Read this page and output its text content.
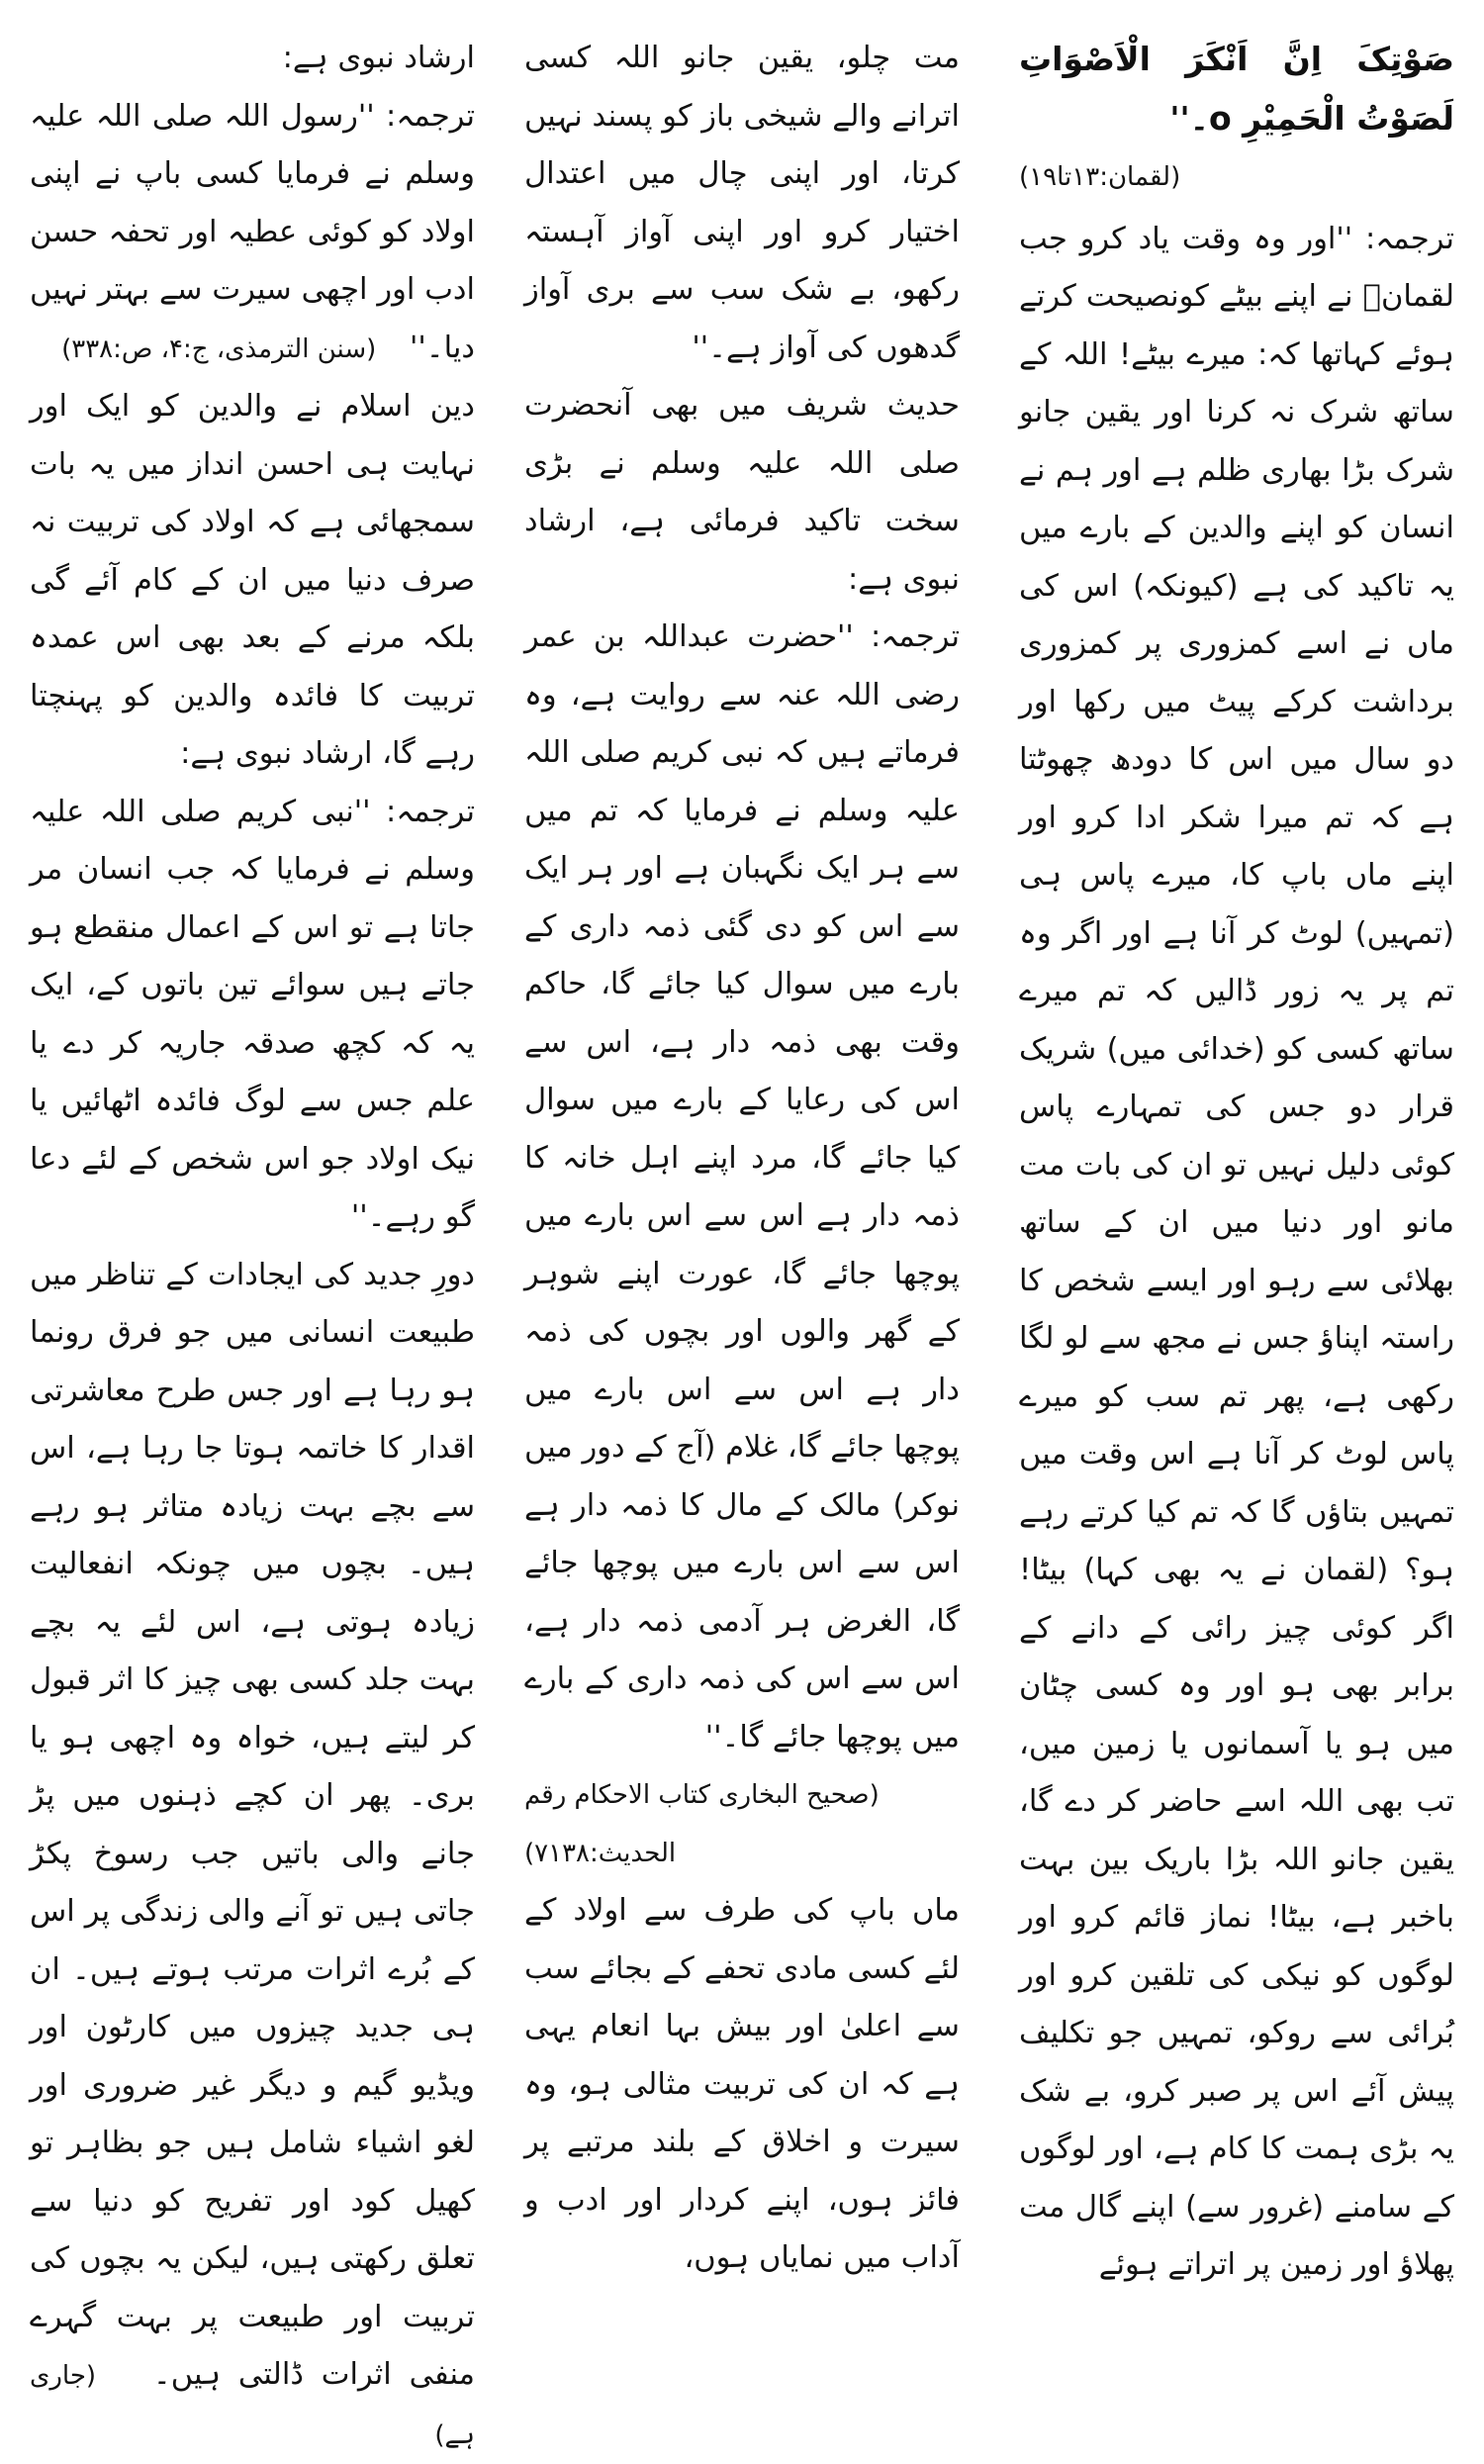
صَوْتِکَ اِنَّ اَنْکَرَ الْاَصْوَاتِ لَصَوْتُ الْحَمِيْرِ o۔''

(لقمان:۱۳تا۱۹)

ترجمہ: ''اور وہ وقت یاد کرو جب لقمانؑ نے اپنے بیٹے کونصیحت کرتے ہوئے کہاتھا کہ: میرے بیٹے! اللہ کے ساتھ شرک نہ کرنا اور یقین جانو شرک بڑا بھاری ظلم ہے اور ہم نے انسان کو اپنے والدین کے بارے میں یہ تاکید کی ہے (کیونکہ) اس کی ماں نے اسے کمزوری پر کمزوری برداشت کرکے پیٹ میں رکھا اور دو سال میں اس کا دودھ چھوٹتا ہے کہ تم میرا شکر ادا کرو اور اپنے ماں باپ کا، میرے پاس ہی (تمہیں) لوٹ کر آنا ہے اور اگر وہ تم پر یہ زور ڈالیں کہ تم میرے ساتھ کسی کو (خدائی میں) شریک قرار دو جس کی تمہارے پاس کوئی دلیل نہیں تو ان کی بات مت مانو اور دنیا میں ان کے ساتھ بھلائی سے رہو اور ایسے شخص کا راستہ اپناؤ جس نے مجھ سے لو لگا رکھی ہے، پھر تم سب کو میرے پاس لوٹ کر آنا ہے اس وقت میں تمہیں بتاؤں گا کہ تم کیا کرتے رہے ہو؟ (لقمان نے یہ بھی کہا) بیٹا! اگر کوئی چیز رائی کے دانے کے برابر بھی ہو اور وہ کسی چٹان میں ہو یا آسمانوں یا زمین میں، تب بھی اللہ اسے حاضر کر دے گا، یقین جانو اللہ بڑا باریک بین بہت باخبر ہے، بیٹا! نماز قائم کرو اور لوگوں کو نیکی کی تلقین کرو اور بُرائی سے روکو، تمہیں جو تکلیف پیش آئے اس پر صبر کرو، بے شک یہ بڑی ہمت کا کام ہے، اور لوگوں کے سامنے (غرور سے) اپنے گال مت پھلاؤ اور زمین پر اتراتے ہوئے

مت چلو، یقین جانو اللہ کسی اترانے والے شیخی باز کو پسند نہیں کرتا، اور اپنی چال میں اعتدال اختیار کرو اور اپنی آواز آہستہ رکھو، بے شک سب سے بری آواز گدھوں کی آواز ہے۔''

حدیث شریف میں بھی آنحضرت صلی اللہ علیہ وسلم نے بڑی سخت تاکید فرمائی ہے، ارشاد نبوی ہے:

ترجمہ: ''حضرت عبداللہ بن عمر رضی اللہ عنہ سے روایت ہے، وہ فرماتے ہیں کہ نبی کریم صلی اللہ علیہ وسلم نے فرمایا کہ تم میں سے ہر ایک نگہبان ہے اور ہر ایک سے اس کو دی گئی ذمہ داری کے بارے میں سوال کیا جائے گا، حاکم وقت بھی ذمہ دار ہے، اس سے اس کی رعایا کے بارے میں سوال کیا جائے گا، مرد اپنے اہل خانہ کا ذمہ دار ہے اس سے اس بارے میں پوچھا جائے گا، عورت اپنے شوہر کے گھر والوں اور بچوں کی ذمہ دار ہے اس سے اس بارے میں پوچھا جائے گا، غلام (آج کے دور میں نوکر) مالک کے مال کا ذمہ دار ہے اس سے اس بارے میں پوچھا جائے گا، الغرض ہر آدمی ذمہ دار ہے، اس سے اس کی ذمہ داری کے بارے میں پوچھا جائے گا۔''

(صحیح البخاری کتاب الاحکام رقم الحدیث:۷۱۳۸)

ماں باپ کی طرف سے اولاد کے لئے کسی مادی تحفے کے بجائے سب سے اعلیٰ اور بیش بہا انعام یہی ہے کہ ان کی تربیت مثالی ہو، وہ سیرت و اخلاق کے بلند مرتبے پر فائز ہوں، اپنے کردار اور ادب و آداب میں نمایاں ہوں،

ارشاد نبوی ہے:

ترجمہ: ''رسول اللہ صلی اللہ علیہ وسلم نے فرمایا کسی باپ نے اپنی اولاد کو کوئی عطیہ اور تحفہ حسن ادب اور اچھی سیرت سے بہتر نہیں دیا۔'' (سنن الترمذی، ج:۴، ص:۳۳۸)

دین اسلام نے والدین کو ایک اور نہایت ہی احسن انداز میں یہ بات سمجھائی ہے کہ اولاد کی تربیت نہ صرف دنیا میں ان کے کام آئے گی بلکہ مرنے کے بعد بھی اس عمدہ تربیت کا فائدہ والدین کو پہنچتا رہے گا، ارشاد نبوی ہے:

ترجمہ: ''نبی کریم صلی اللہ علیہ وسلم نے فرمایا کہ جب انسان مر جاتا ہے تو اس کے اعمال منقطع ہو جاتے ہیں سوائے تین باتوں کے، ایک یہ کہ کچھ صدقہ جاریہ کر دے یا علم جس سے لوگ فائدہ اٹھائیں یا نیک اولاد جو اس شخص کے لئے دعا گو رہے۔''

دورِ جدید کی ایجادات کے تناظر میں طبیعت انسانی میں جو فرق رونما ہو رہا ہے اور جس طرح معاشرتی اقدار کا خاتمہ ہوتا جا رہا ہے، اس سے بچے بہت زیادہ متاثر ہو رہے ہیں۔ بچوں میں چونکہ انفعالیت زیادہ ہوتی ہے، اس لئے یہ بچے بہت جلد کسی بھی چیز کا اثر قبول کر لیتے ہیں، خواہ وہ اچھی ہو یا بری۔ پھر ان کچے ذہنوں میں پڑ جانے والی باتیں جب رسوخ پکڑ جاتی ہیں تو آنے والی زندگی پر اس کے بُرے اثرات مرتب ہوتے ہیں۔ ان ہی جدید چیزوں میں کارٹون اور ویڈیو گیم و دیگر غیر ضروری اور لغو اشیاء شامل ہیں جو بظاہر تو کھیل کود اور تفریح کو دنیا سے تعلق رکھتی ہیں، لیکن یہ بچوں کی تربیت اور طبیعت پر بہت گہرے منفی اثرات ڈالتی ہیں۔ (جاری ہے)
